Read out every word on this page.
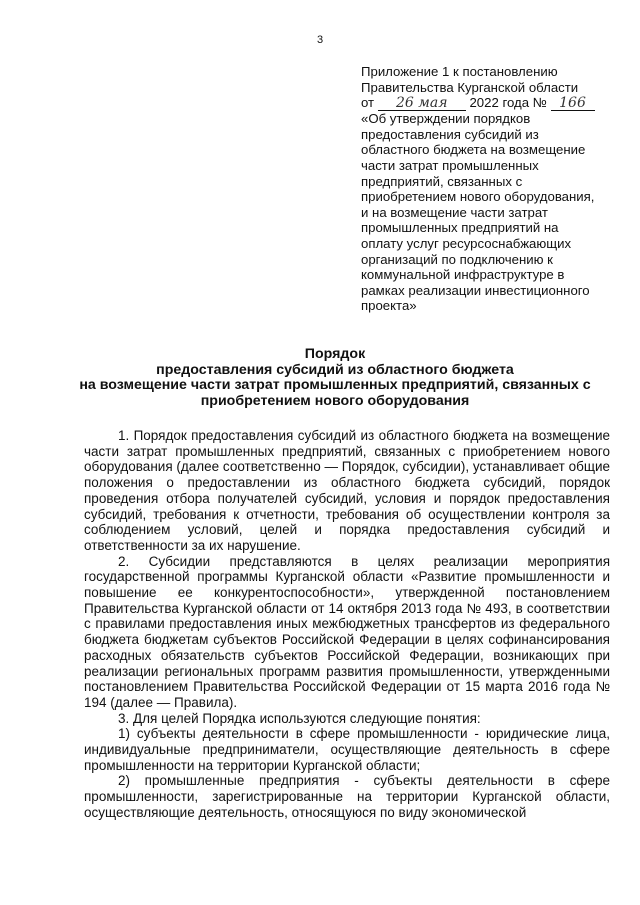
3
Приложение 1 к постановлению
Правительства Курганской области
от 26 мая 2022 года № 166
«Об утверждении порядков
предоставления субсидий из
областного бюджета на возмещение
части затрат промышленных
предприятий, связанных с
приобретением нового оборудования,
и на возмещение части затрат
промышленных предприятий на
оплату услуг ресурсоснабжающих
организаций по подключению к
коммунальной инфраструктуре в
рамках реализации инвестиционного
проекта»
Порядок
предоставления субсидий из областного бюджета
на возмещение части затрат промышленных предприятий, связанных с
приобретением нового оборудования

1. Порядок предоставления субсидий из областного бюджета на возмещение части затрат промышленных предприятий, связанных с приобретением нового оборудования (далее соответственно — Порядок, субсидии), устанавливает общие положения о предоставлении из областного бюджета субсидий, порядок проведения отбора получателей субсидий, условия и порядок предоставления субсидий, требования к отчетности, требования об осуществлении контроля за соблюдением условий, целей и порядка предоставления субсидий и ответственности за их нарушение.

2. Субсидии представляются в целях реализации мероприятия государственной программы Курганской области «Развитие промышленности и повышение ее конкурентоспособности», утвержденной постановлением Правительства Курганской области от 14 октября 2013 года № 493, в соответствии с правилами предоставления иных межбюджетных трансфертов из федерального бюджета бюджетам субъектов Российской Федерации в целях софинансирования расходных обязательств субъектов Российской Федерации, возникающих при реализации региональных программ развития промышленности, утвержденными постановлением Правительства Российской Федерации от 15 марта 2016 года № 194 (далее — Правила).

3. Для целей Порядка используются следующие понятия:

1) субъекты деятельности в сфере промышленности - юридические лица, индивидуальные предприниматели, осуществляющие деятельность в сфере промышленности на территории Курганской области;

2) промышленные предприятия - субъекты деятельности в сфере промышленности, зарегистрированные на территории Курганской области, осуществляющие деятельность, относящуюся по виду экономической
